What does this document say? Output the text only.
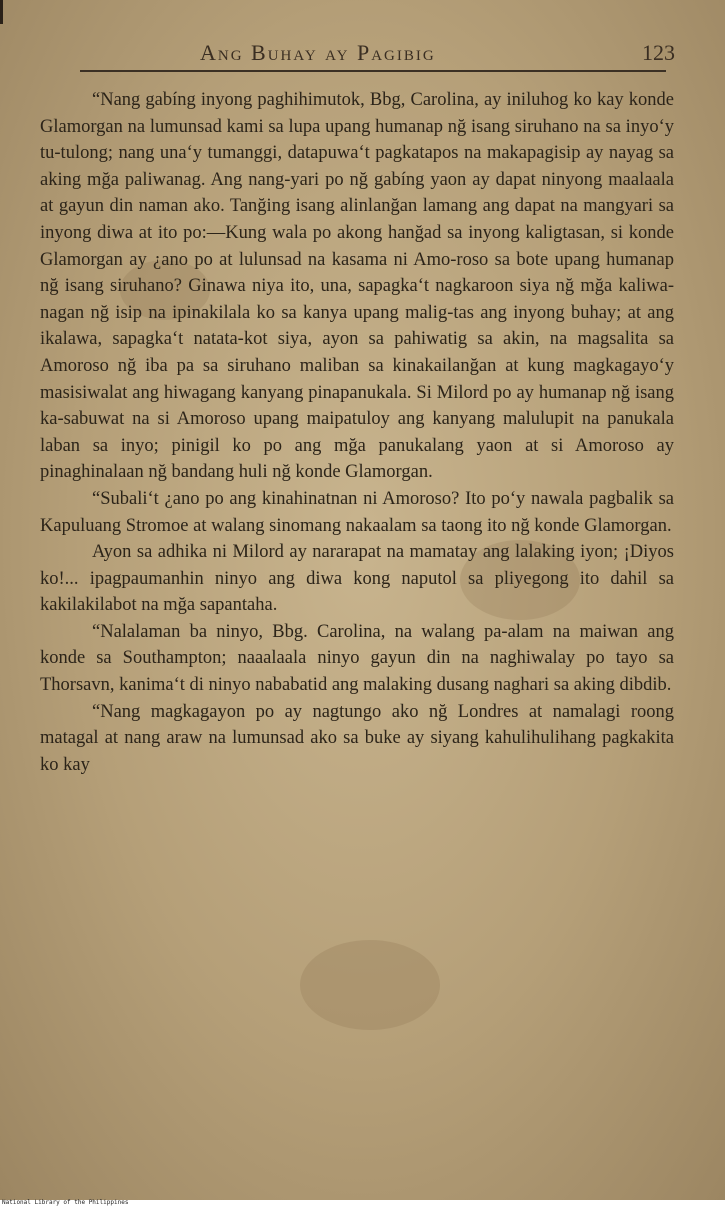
Ang Buhay ay Pagibig	123

“Nang gabíng inyong paghihimutok, Bbg, Carolina, ay iniluhog ko kay konde Glamorgan na lumunsad kami sa lupa upang humanap nğ isang siruhano na sa inyo‘y tu-tulong; nang una‘y tumanggi, datapuwa‘t pagkatapos na makapagisip ay nayag sa aking mğa paliwanag. Ang nang-yari po nğ gabíng yaon ay dapat ninyong maalaala at gayun din naman ako. Tanğing isang alinlanğan lamang ang dapat na mangyari sa inyong diwa at ito po:—Kung wala po akong hanğad sa inyong kaligtasan, si konde Glamorgan ay ¿ano po at lulunsad na kasama ni Amo-roso sa bote upang humanap nğ isang siruhano? Ginawa niya ito, una, sapagka‘t nagkaroon siya nğ mğa kaliwa-nagan nğ isip na ipinakilala ko sa kanya upang malig-tas ang inyong buhay; at ang ikalawa, sapagka‘t natata-kot siya, ayon sa pahiwatig sa akin, na magsalita sa Amoroso nğ iba pa sa siruhano maliban sa kinakailanğan at kung magkagayo‘y masisiwalat ang hiwagang kanyang pinapanukala. Si Milord po ay humanap nğ isang ka-sabuwat na si Amoroso upang maipatuloy ang kanyang malulupit na panukala laban sa inyo; pinigil ko po ang mğa panukalang yaon at si Amoroso ay pinaghinalaan nğ bandang huli nğ konde Glamorgan.

“Subali‘t ¿ano po ang kinahinatnan ni Amoroso? Ito po‘y nawala pagbalik sa Kapuluang Stromoe at walang sinomang nakaalam sa taong ito nğ konde Glamorgan.

Ayon sa adhika ni Milord ay nararapat na mamatay ang lalaking iyon; ¡Diyos ko!... ipagpaumanhin ninyo ang diwa kong naputol sa pliyegong ito dahil sa kakilakilabot na mğa sapantaha.

“Nalalaman ba ninyo, Bbg. Carolina, na walang pa-alam na maiwan ang konde sa Southampton; naaalaala ninyo gayun din na naghiwalay po tayo sa Thorsavn, kanima‘t di ninyo nababatid ang malaking dusang naghari sa aking dibdib.

“Nang magkagayon po ay nagtungo ako nğ Londres at namalagi roong matagal at nang araw na lumunsad ako sa buke ay siyang kahulihulihang pagkakita ko kay

National Library of the Philippines
